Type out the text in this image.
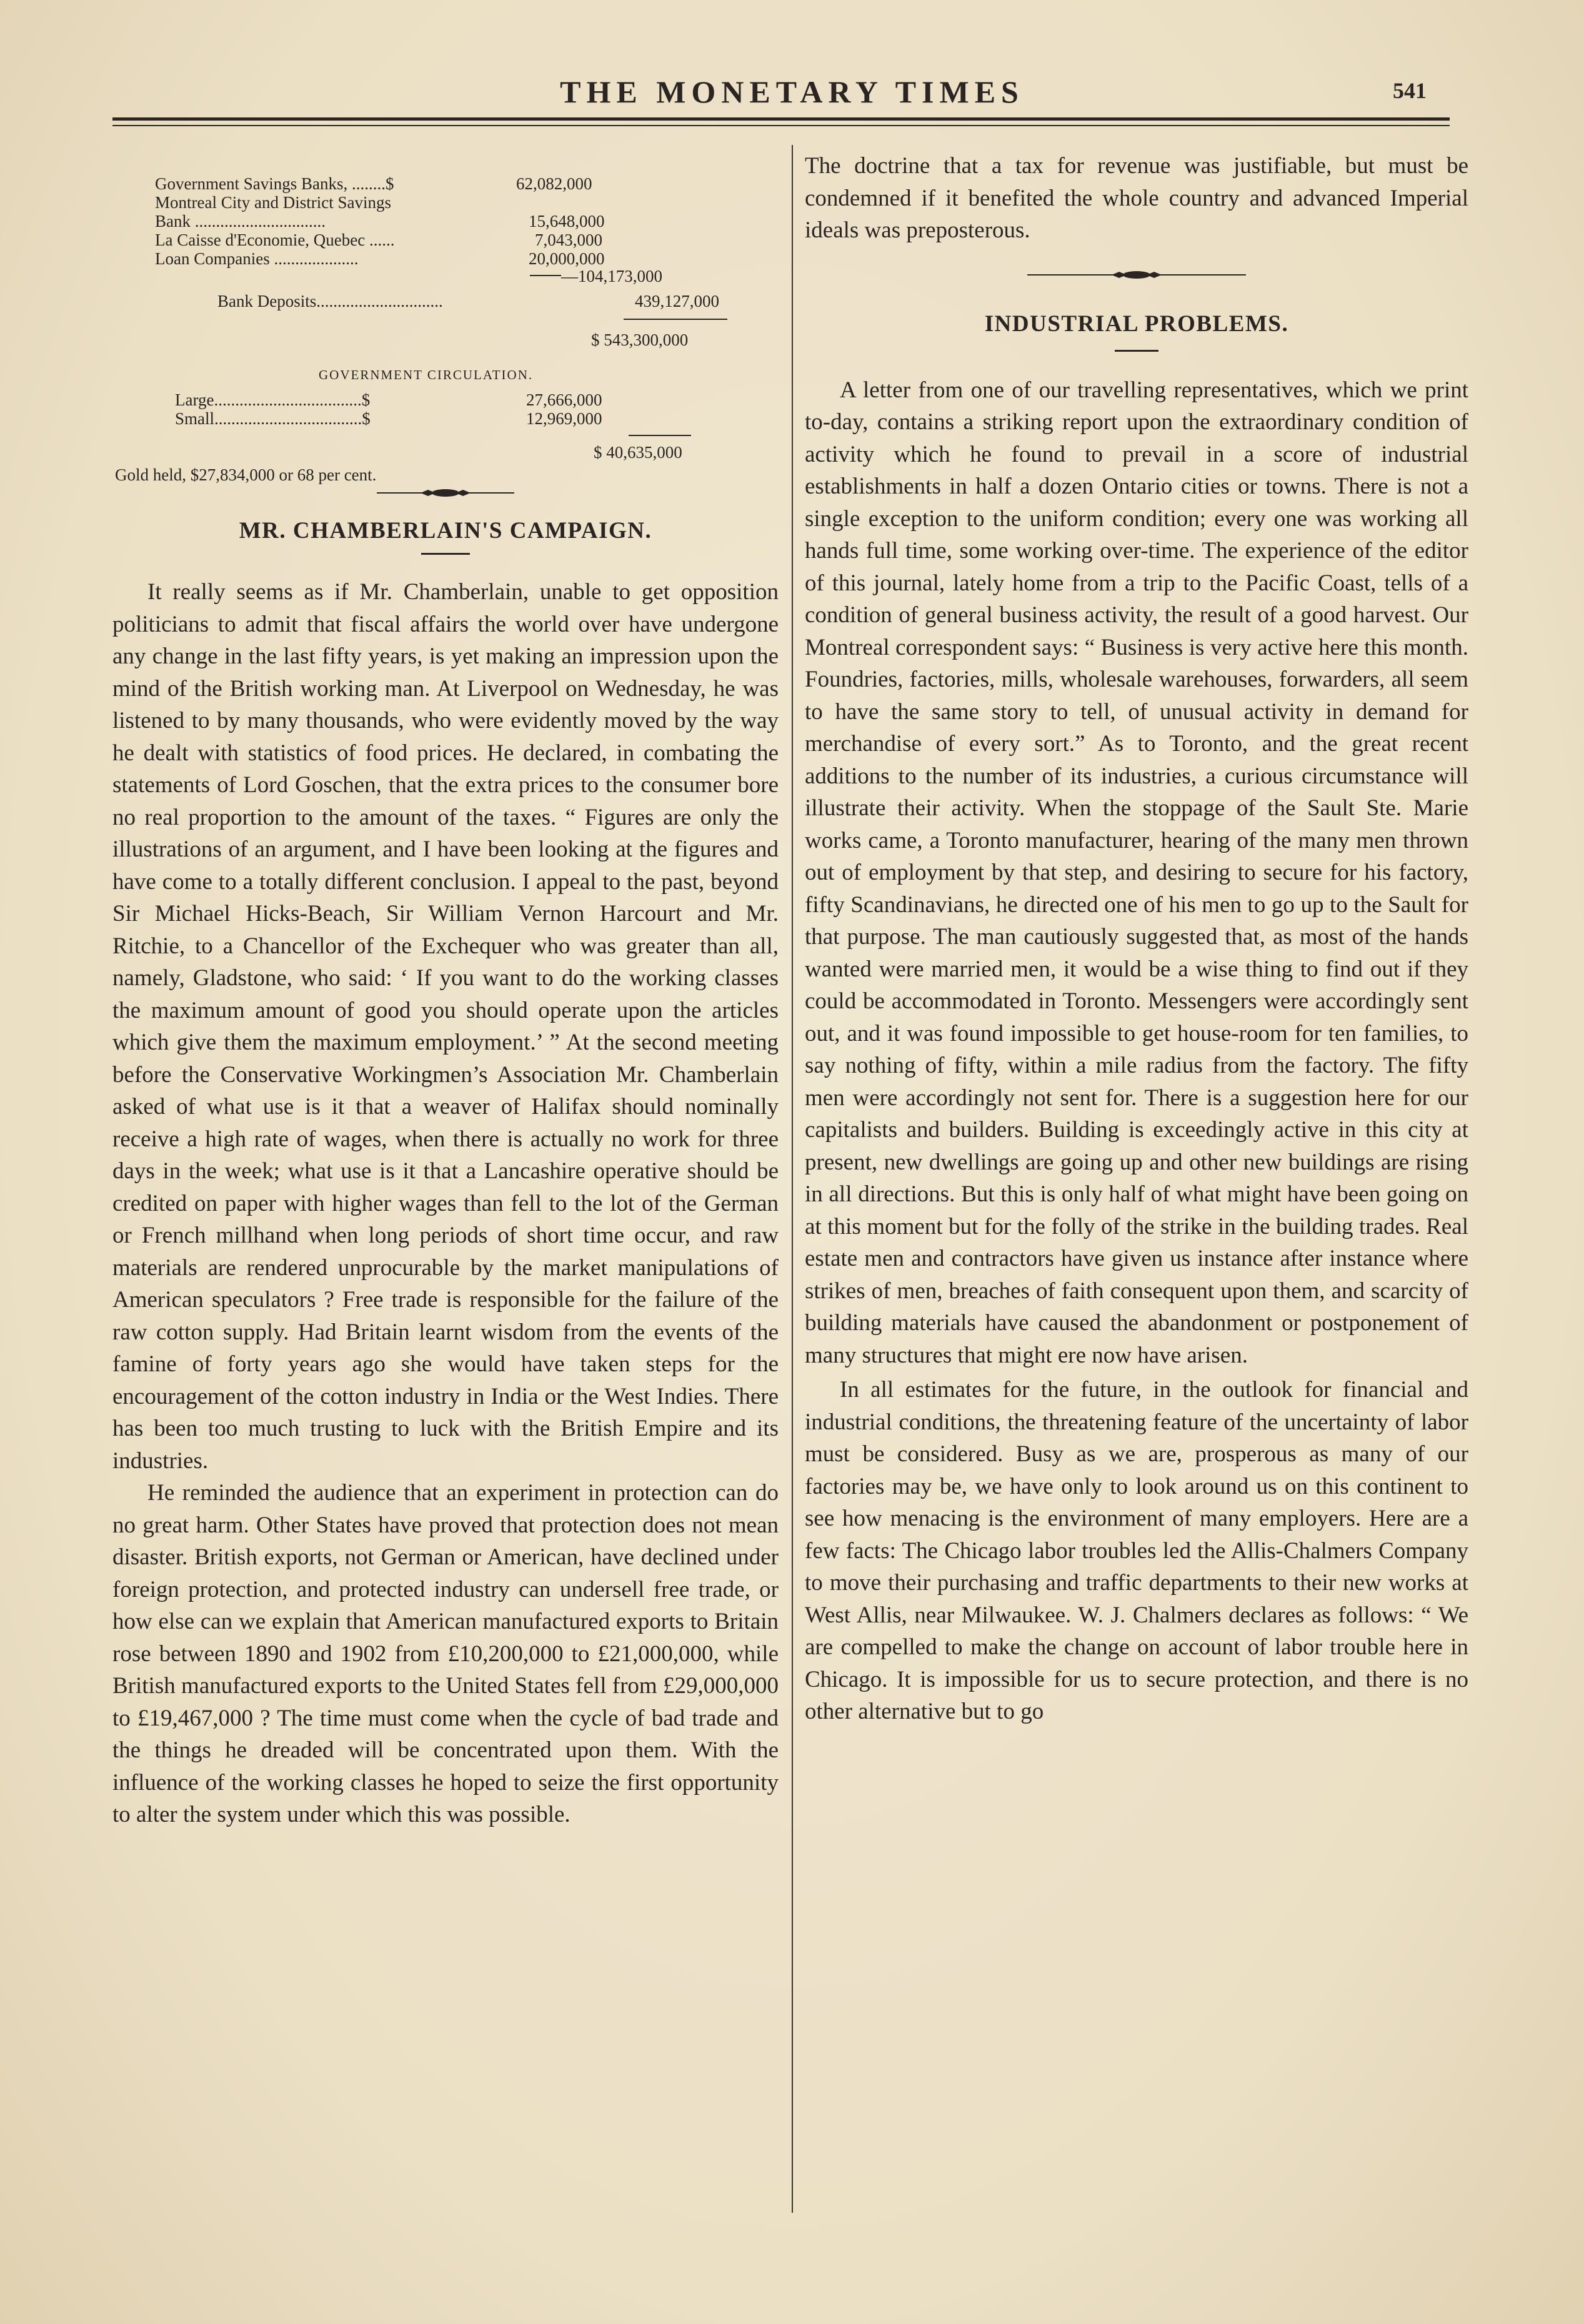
THE MONETARY TIMES	541
Government Savings Banks, ........$	62,082,000
Montreal City and District Savings
Bank ...............................	15,648,000
La Caisse d'Economie, Quebec ......	7,043,000
Loan Companies ....................	20,000,000
—104,173,000
Bank Deposits..............................	439,127,000
$ 543,300,000
GOVERNMENT CIRCULATION.
Large...................................$	27,666,000
Small...................................$	12,969,000
$ 40,635,000
Gold held, $27,834,000 or 68 per cent.
MR. CHAMBERLAIN'S CAMPAIGN.

It really seems as if Mr. Chamberlain, unable to get opposition politicians to admit that fiscal affairs the world over have undergone any change in the last fifty years, is yet making an impression upon the mind of the British working man. At Liverpool on Wednesday, he was listened to by many thousands, who were evidently moved by the way he dealt with statistics of food prices. He declared, in combating the statements of Lord Goschen, that the extra prices to the consumer bore no real proportion to the amount of the taxes. “ Figures are only the illustrations of an argument, and I have been looking at the figures and have come to a totally different conclusion. I appeal to the past, beyond Sir Michael Hicks-Beach, Sir William Vernon Harcourt and Mr. Ritchie, to a Chancellor of the Exchequer who was greater than all, namely, Gladstone, who said: ‘ If you want to do the working classes the maximum amount of good you should operate upon the articles which give them the maximum employment.’ ” At the second meeting before the Conservative Workingmen’s Association Mr. Chamberlain asked of what use is it that a weaver of Halifax should nominally receive a high rate of wages, when there is actually no work for three days in the week; what use is it that a Lancashire operative should be credited on paper with higher wages than fell to the lot of the German or French millhand when long periods of short time occur, and raw materials are rendered unprocurable by the market manipulations of American speculators ? Free trade is responsible for the failure of the raw cotton supply. Had Britain learnt wisdom from the events of the famine of forty years ago she would have taken steps for the encouragement of the cotton industry in India or the West Indies. There has been too much trusting to luck with the British Empire and its industries.

He reminded the audience that an experiment in protection can do no great harm. Other States have proved that protection does not mean disaster. British exports, not German or American, have declined under foreign protection, and protected industry can undersell free trade, or how else can we explain that American manufactured exports to Britain rose between 1890 and 1902 from £10,200,000 to £21,000,000, while British manufactured exports to the United States fell from £29,000,000 to £19,467,000 ? The time must come when the cycle of bad trade and the things he dreaded will be concentrated upon them. With the influence of the working classes he hoped to seize the first opportunity to alter the system under which this was possible.

The doctrine that a tax for revenue was justifiable, but must be condemned if it benefited the whole country and advanced Imperial ideals was preposterous.

INDUSTRIAL PROBLEMS.

A letter from one of our travelling representatives, which we print to-day, contains a striking report upon the extraordinary condition of activity which he found to prevail in a score of industrial establishments in half a dozen Ontario cities or towns. There is not a single exception to the uniform condition; every one was working all hands full time, some working over-time. The experience of the editor of this journal, lately home from a trip to the Pacific Coast, tells of a condition of general business activity, the result of a good harvest. Our Montreal correspondent says: “ Business is very active here this month. Foundries, factories, mills, wholesale warehouses, forwarders, all seem to have the same story to tell, of unusual activity in demand for merchandise of every sort.” As to Toronto, and the great recent additions to the number of its industries, a curious circumstance will illustrate their activity. When the stoppage of the Sault Ste. Marie works came, a Toronto manufacturer, hearing of the many men thrown out of employment by that step, and desiring to secure for his factory, fifty Scandinavians, he directed one of his men to go up to the Sault for that purpose. The man cautiously suggested that, as most of the hands wanted were married men, it would be a wise thing to find out if they could be accommodated in Toronto. Messengers were accordingly sent out, and it was found impossible to get house-room for ten families, to say nothing of fifty, within a mile radius from the factory. The fifty men were accordingly not sent for. There is a suggestion here for our capitalists and builders. Building is exceedingly active in this city at present, new dwellings are going up and other new buildings are rising in all directions. But this is only half of what might have been going on at this moment but for the folly of the strike in the building trades. Real estate men and contractors have given us instance after instance where strikes of men, breaches of faith consequent upon them, and scarcity of building materials have caused the abandonment or postponement of many structures that might ere now have arisen.

In all estimates for the future, in the outlook for financial and industrial conditions, the threatening feature of the uncertainty of labor must be considered. Busy as we are, prosperous as many of our factories may be, we have only to look around us on this continent to see how menacing is the environment of many employers. Here are a few facts: The Chicago labor troubles led the Allis-Chalmers Company to move their purchasing and traffic departments to their new works at West Allis, near Milwaukee. W. J. Chalmers declares as follows: “ We are compelled to make the change on account of labor trouble here in Chicago. It is impossible for us to secure protection, and there is no other alternative but to go
